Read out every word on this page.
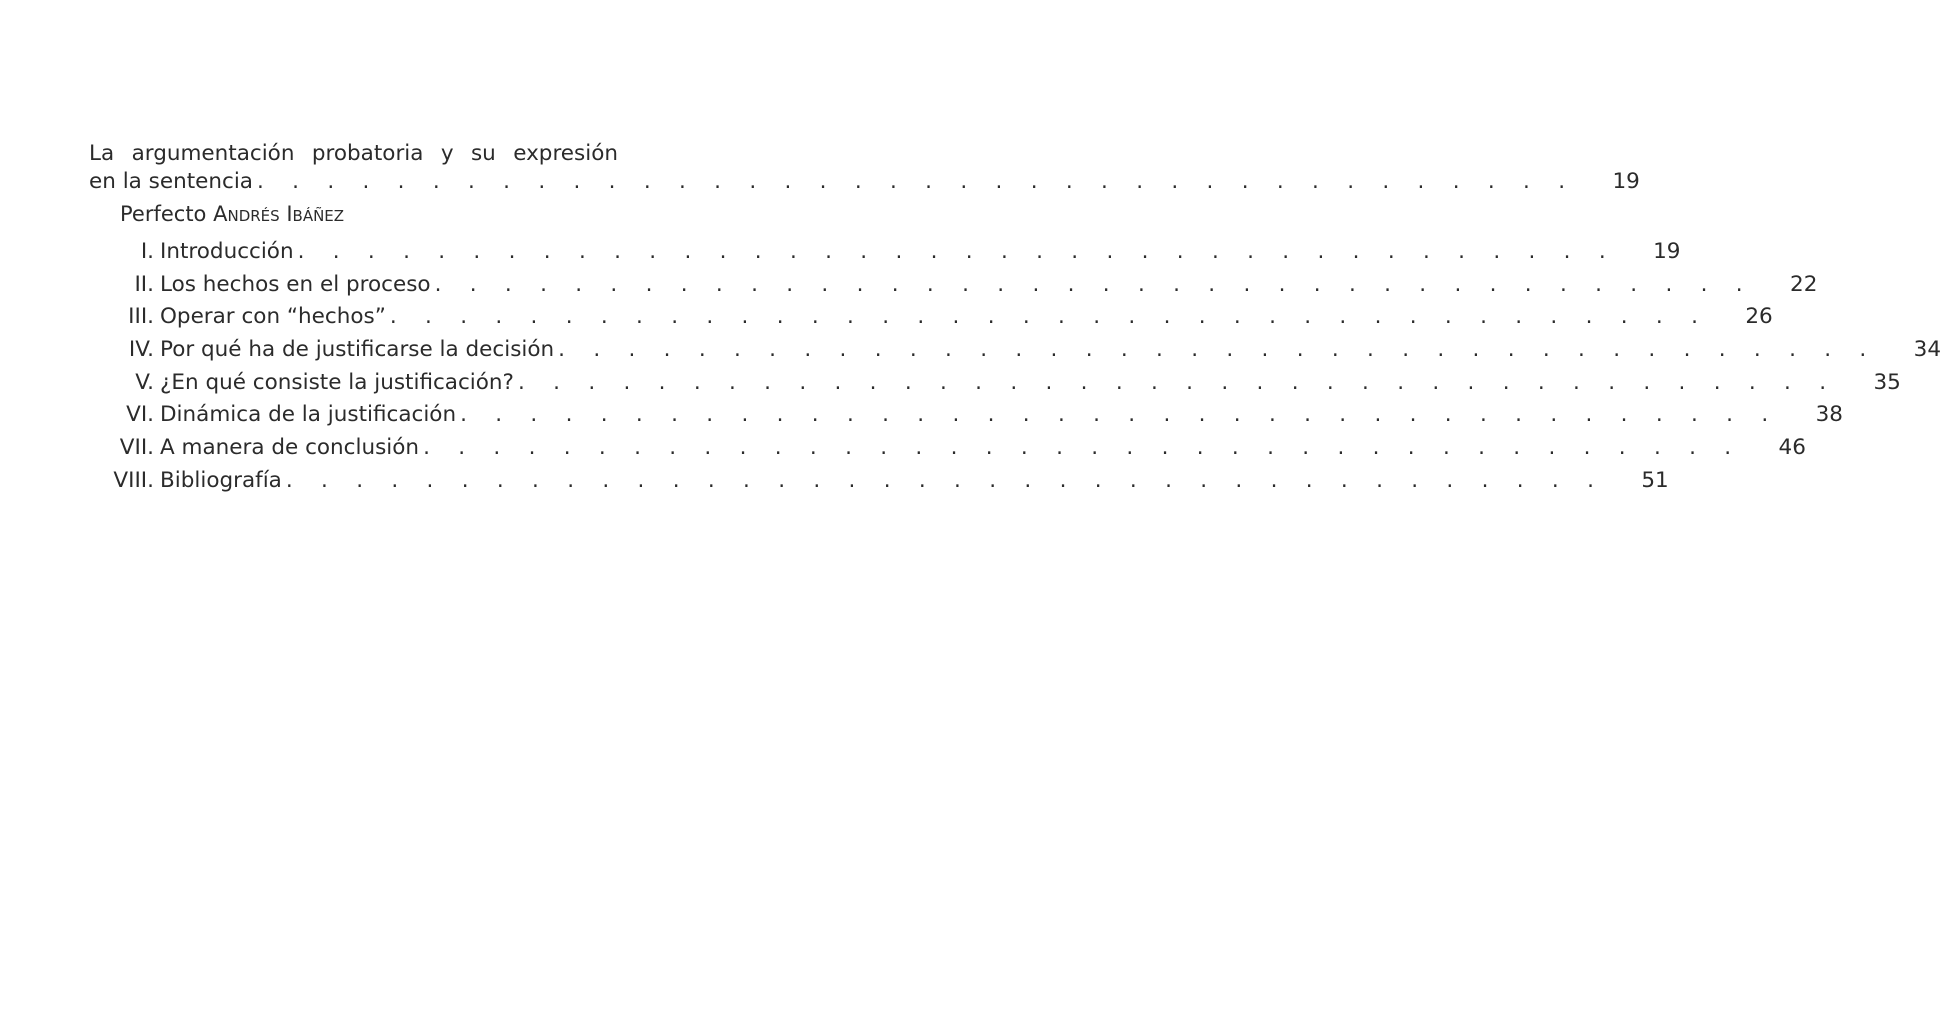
La argumentación probatoria y su expresión
en la sentencia . . . . . . . . . . . . . . . . . . . . . . . . . . . . . . . . . . . . . .	19
Perfecto Andrés Ibáñez
I. Introducción . . . . . . . . . . . . . . . . . . . . . . . . . . . . . . . . . . . . . .	19
II. Los hechos en el proceso . . . . . . . . . . . . . . . . . . . . . . . . . . . . . . . . . . . . . .	22
III. Operar con “hechos” . . . . . . . . . . . . . . . . . . . . . . . . . . . . . . . . . . . . . .	26
IV. Por qué ha de justificarse la decisión . . . . . . . . . . . . . . . . . . . . . . . . . . . . . . . . . . . . . .	34
V. ¿En qué consiste la justificación? . . . . . . . . . . . . . . . . . . . . . . . . . . . . . . . . . . . . . .	35
VI. Dinámica de la justificación . . . . . . . . . . . . . . . . . . . . . . . . . . . . . . . . . . . . . .	38
VII. A manera de conclusión . . . . . . . . . . . . . . . . . . . . . . . . . . . . . . . . . . . . . .	46
VIII. Bibliografía . . . . . . . . . . . . . . . . . . . . . . . . . . . . . . . . . . . . . .	51
